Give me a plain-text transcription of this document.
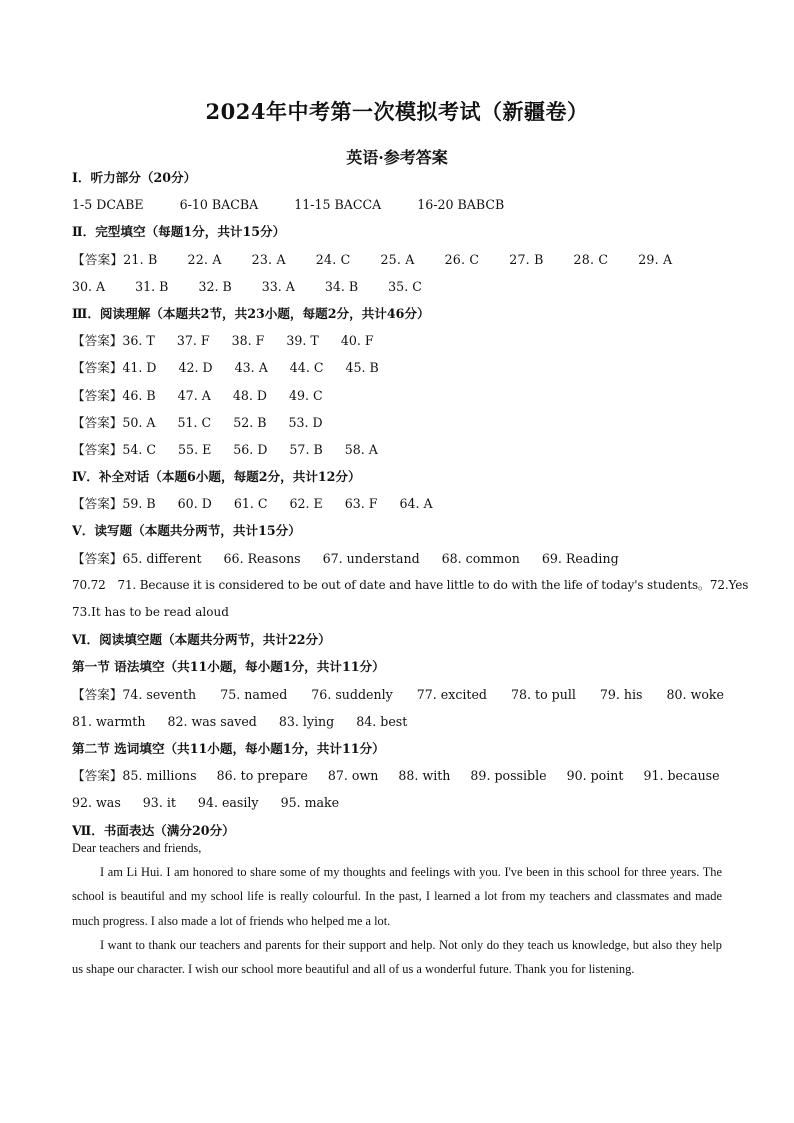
2024年中考第一次模拟考试（新疆卷）
英语·参考答案
Ⅰ．听力部分（20分）
1-5 DCABE	6-10 BACBA	11-15 BACCA	16-20 BABCB
Ⅱ．完型填空（每题1分，共计15分）
【答案】21. B 22. A 23. A 24. C 25. A 26. C 27. B 28. C 29. A
30. A 31. B 32. B 33. A 34. B 35. C
Ⅲ．阅读理解（本题共2节，共23小题，每题2分，共计46分）
【答案】36. T 37. F 38. F 39. T 40. F
【答案】41. D 42. D 43. A 44. C 45. B
【答案】46. B 47. A 48. D 49. C
【答案】50. A 51. C 52. B 53. D
【答案】54. C 55. E 56. D 57. B 58. A
Ⅳ．补全对话（本题6小题，每题2分，共计12分）
【答案】59. B 60. D 61. C 62. E 63. F 64. A
Ⅴ．读写题（本题共分两节，共计15分）
【答案】65. different 66. Reasons 67. understand 68. common 69. Reading
70.72　71. Because it is considered to be out of date and have little to do with the life of today's students。72.Yes
73.It has to be read aloud
Ⅵ．阅读填空题（本题共分两节，共计22分）
第一节 语法填空（共11小题，每小题1分，共计11分）
【答案】74. seventh 75. named 76. suddenly 77. excited 78. to pull 79. his 80. woke
81. warmth 82. was saved 83. lying 84. best
第二节 选词填空（共11小题，每小题1分，共计11分）
【答案】85. millions 86. to prepare 87. own 88. with 89. possible 90. point 91. because
92. was 93. it 94. easily 95. make
Ⅶ．书面表达（满分20分）

Dear teachers and friends,

I am Li Hui. I am honored to share some of my thoughts and feelings with you. I've been in this school for three years. The school is beautiful and my school life is really colourful. In the past, I learned a lot from my teachers and classmates and made much progress. I also made a lot of friends who helped me a lot.

I want to thank our teachers and parents for their support and help. Not only do they teach us knowledge, but also they help us shape our character. I wish our school more beautiful and all of us a wonderful future. Thank you for listening.
